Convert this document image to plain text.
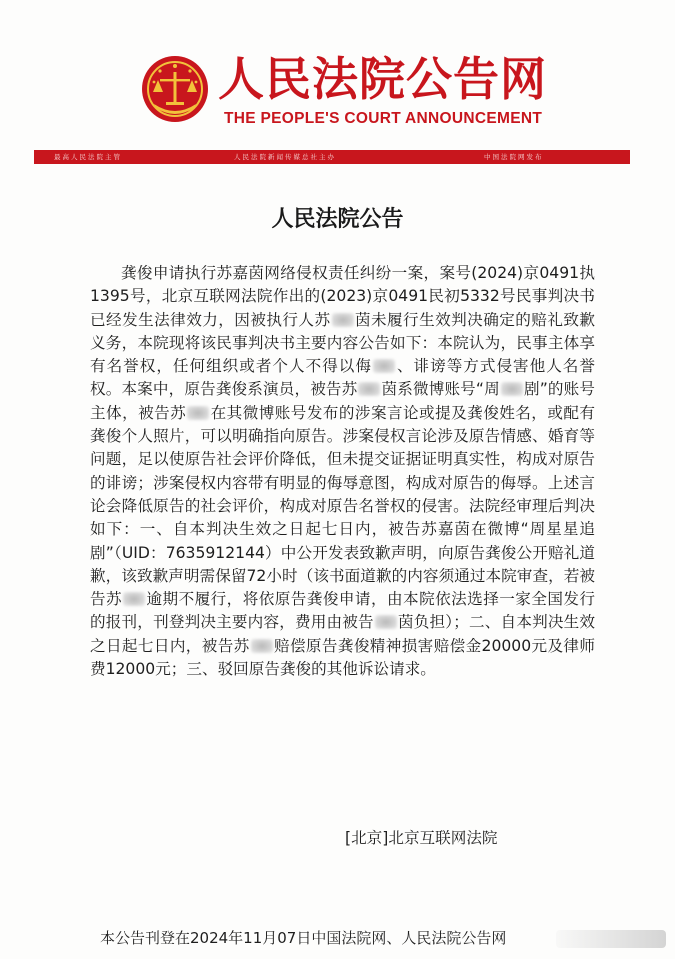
人民法院公告网
THE PEOPLE'S COURT ANNOUNCEMENT
最高人民法院主管	人民法院新闻传媒总社主办	中国法院网发布
人民法院公告
龚俊申请执行苏嘉茵网络侵权责任纠纷一案，案号(2024)京0491执1395号，北京互联网法院作出的(2023)京0491民初5332号民事判决书已经发生法律效力，因被执行人苏 茵未履行生效判决确定的赔礼致歉义务，本院现将该民事判决书主要内容公告如下：本院认为，民事主体享有名誉权，任何组织或者个人不得以侮 、诽谤等方式侵害他人名誉权。本案中，原告龚俊系演员，被告苏 茵系微博账号“周 剧”的账号主体，被告苏 在其微博账号发布的涉案言论或提及龚俊姓名，或配有龚俊个人照片，可以明确指向原告。涉案侵权言论涉及原告情感、婚育等问题，足以使原告社会评价降低，但未提交证据证明真实性，构成对原告的诽谤；涉案侵权内容带有明显的侮辱意图，构成对原告的侮辱。上述言论会降低原告的社会评价，构成对原告名誉权的侵害。法院经审理后判决如下：一、自本判决生效之日起七日内，被告苏嘉茵在微博“周星星追剧”（UID：7635912144）中公开发表致歉声明，向原告龚俊公开赔礼道歉，该致歉声明需保留72小时（该书面道歉的内容须通过本院审查，若被告苏 逾期不履行，将依原告龚俊申请，由本院依法选择一家全国发行的报刊，刊登判决主要内容，费用由被告 茵负担）；二、自本判决生效之日起七日内，被告苏 赔偿原告龚俊精神损害赔偿金20000元及律师费12000元；三、驳回原告龚俊的其他诉讼请求。
[北京]北京互联网法院
本公告刊登在2024年11月07日中国法院网、人民法院公告网
